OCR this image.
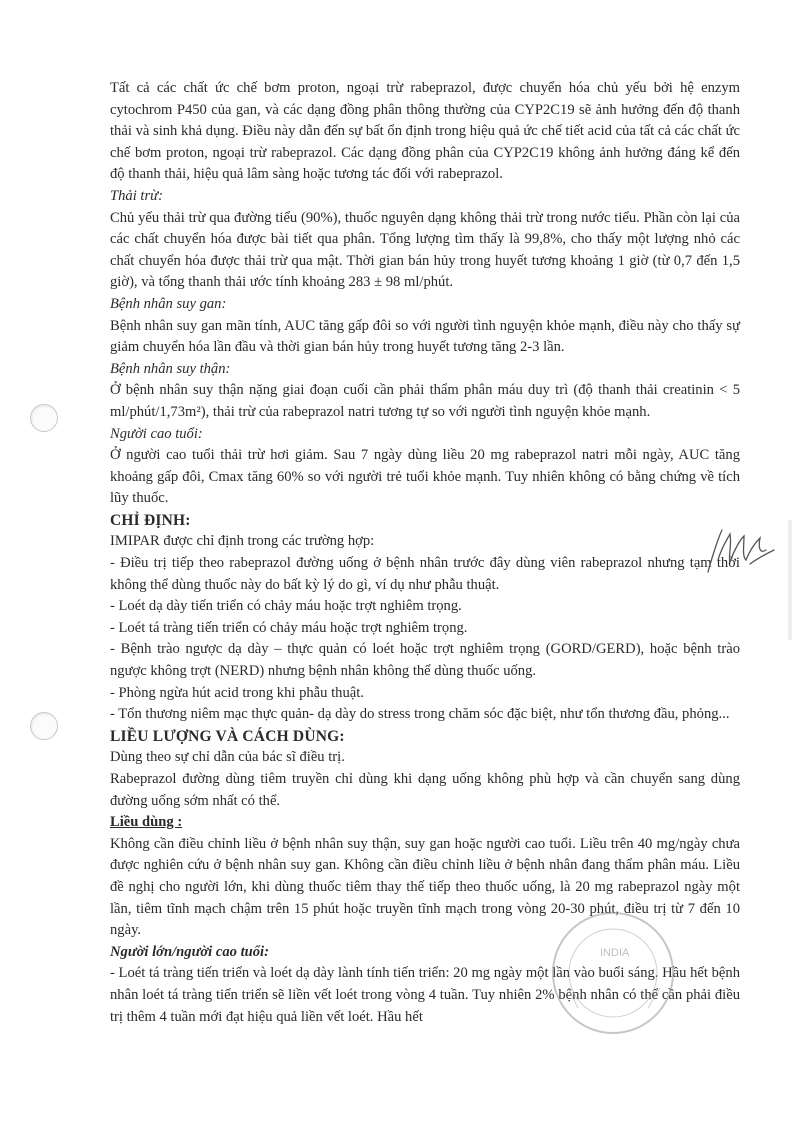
Tất cả các chất ức chế bơm proton, ngoại trừ rabeprazol, được chuyển hóa chủ yếu bởi hệ enzym cytochrom P450 của gan, và các dạng đồng phân thông thường của CYP2C19 sẽ ảnh hưởng đến độ thanh thải và sinh khả dụng. Điều này dẫn đến sự bất ổn định trong hiệu quả ức chế tiết acid của tất cả các chất ức chế bơm proton, ngoại trừ rabeprazol. Các dạng đồng phân của CYP2C19 không ảnh hưởng đáng kể đến độ thanh thải, hiệu quả lâm sàng hoặc tương tác đối với rabeprazol.

Thải trừ:

Chủ yếu thải trừ qua đường tiểu (90%), thuốc nguyên dạng không thải trừ trong nước tiểu. Phần còn lại của các chất chuyển hóa được bài tiết qua phân. Tổng lượng tìm thấy là 99,8%, cho thấy một lượng nhỏ các chất chuyển hóa được thải trừ qua mật. Thời gian bán hủy trong huyết tương khoảng 1 giờ (từ 0,7 đến 1,5 giờ), và tổng thanh thải ước tính khoảng 283 ± 98 ml/phút.

Bệnh nhân suy gan:

Bệnh nhân suy gan mãn tính, AUC tăng gấp đôi so với người tình nguyện khỏe mạnh, điều này cho thấy sự giảm chuyển hóa lần đầu và thời gian bán hủy trong huyết tương tăng 2-3 lần.

Bệnh nhân suy thận:

Ở bệnh nhân suy thận nặng giai đoạn cuối cần phải thẩm phân máu duy trì (độ thanh thải creatinin < 5 ml/phút/1,73m²), thải trừ của rabeprazol natri tương tự so với người tình nguyện khỏe mạnh.

Người cao tuổi:

Ở người cao tuổi thải trừ hơi giảm. Sau 7 ngày dùng liều 20 mg rabeprazol natri mỗi ngày, AUC tăng khoảng gấp đôi, Cmax tăng 60% so với người trẻ tuổi khỏe mạnh. Tuy nhiên không có bằng chứng về tích lũy thuốc.

CHỈ ĐỊNH:

IMIPAR được chỉ định trong các trường hợp:

- Điều trị tiếp theo rabeprazol đường uống ở bệnh nhân trước đây dùng viên rabeprazol nhưng tạm thời không thể dùng thuốc này do bất kỳ lý do gì, ví dụ như phẫu thuật.

- Loét dạ dày tiến triển có chảy máu hoặc trợt nghiêm trọng.

- Loét tá tràng tiến triển có chảy máu hoặc trợt nghiêm trọng.

- Bệnh trào ngược dạ dày – thực quản có loét hoặc trợt nghiêm trọng (GORD/GERD), hoặc bệnh trào ngược không trợt (NERD) nhưng bệnh nhân không thể dùng thuốc uống.

- Phòng ngừa hút acid trong khi phẫu thuật.

- Tổn thương niêm mạc thực quản- dạ dày do stress trong chăm sóc đặc biệt, như tổn thương đầu, phỏng...

LIỀU LƯỢNG VÀ CÁCH DÙNG:

Dùng theo sự chỉ dẫn của bác sĩ điều trị.

Rabeprazol đường dùng tiêm truyền chỉ dùng khi dạng uống không phù hợp và cần chuyển sang dùng đường uống sớm nhất có thể.

Liều dùng :

Không cần điều chỉnh liều ở bệnh nhân suy thận, suy gan hoặc người cao tuổi. Liều trên 40 mg/ngày chưa được nghiên cứu ở bệnh nhân suy gan. Không cần điều chỉnh liều ở bệnh nhân đang thẩm phân máu. Liều đề nghị cho người lớn, khi dùng thuốc tiêm thay thế tiếp theo thuốc uống, là 20 mg rabeprazol ngày một lần, tiêm tĩnh mạch chậm trên 15 phút hoặc truyền tĩnh mạch trong vòng 20-30 phút, điều trị từ 7 đến 10 ngày.

Người lớn/người cao tuổi:

- Loét tá tràng tiến triển và loét dạ dày lành tính tiến triển: 20 mg ngày một lần vào buổi sáng. Hầu hết bệnh nhân loét tá tràng tiến triển sẽ liền vết loét trong vòng 4 tuần. Tuy nhiên 2% bệnh nhân có thể cần phải điều trị thêm 4 tuần mới đạt hiệu quả liền vết loét. Hầu hết

INDIA
